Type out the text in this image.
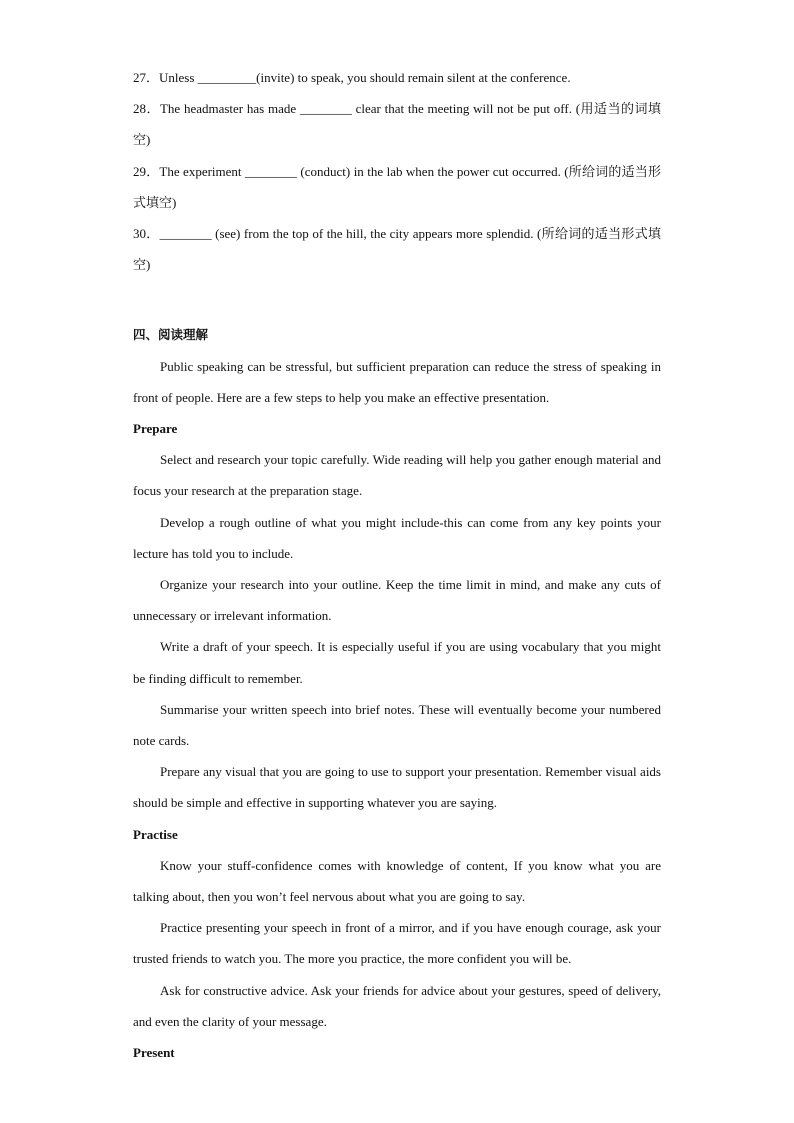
27．Unless _________(invite) to speak, you should remain silent at the conference.

28．The headmaster has made ________ clear that the meeting will not be put off. (用适当的词填空)

29．The experiment ________ (conduct) in the lab when the power cut occurred. (所给词的适当形式填空)

30．________ (see) from the top of the hill, the city appears more splendid. (所给词的适当形式填空)

四、阅读理解

Public speaking can be stressful, but sufficient preparation can reduce the stress of speaking in front of people. Here are a few steps to help you make an effective presentation.

Prepare

Select and research your topic carefully. Wide reading will help you gather enough material and focus your research at the preparation stage.

Develop a rough outline of what you might include-this can come from any key points your lecture has told you to include.

Organize your research into your outline. Keep the time limit in mind, and make any cuts of unnecessary or irrelevant information.

Write a draft of your speech. It is especially useful if you are using vocabulary that you might be finding difficult to remember.

Summarise your written speech into brief notes. These will eventually become your numbered note cards.

Prepare any visual that you are going to use to support your presentation. Remember visual aids should be simple and effective in supporting whatever you are saying.

Practise

Know your stuff-confidence comes with knowledge of content, If you know what you are talking about, then you won’t feel nervous about what you are going to say.

Practice presenting your speech in front of a mirror, and if you have enough courage, ask your trusted friends to watch you. The more you practice, the more confident you will be.

Ask for constructive advice. Ask your friends for advice about your gestures, speed of delivery, and even the clarity of your message.

Present
